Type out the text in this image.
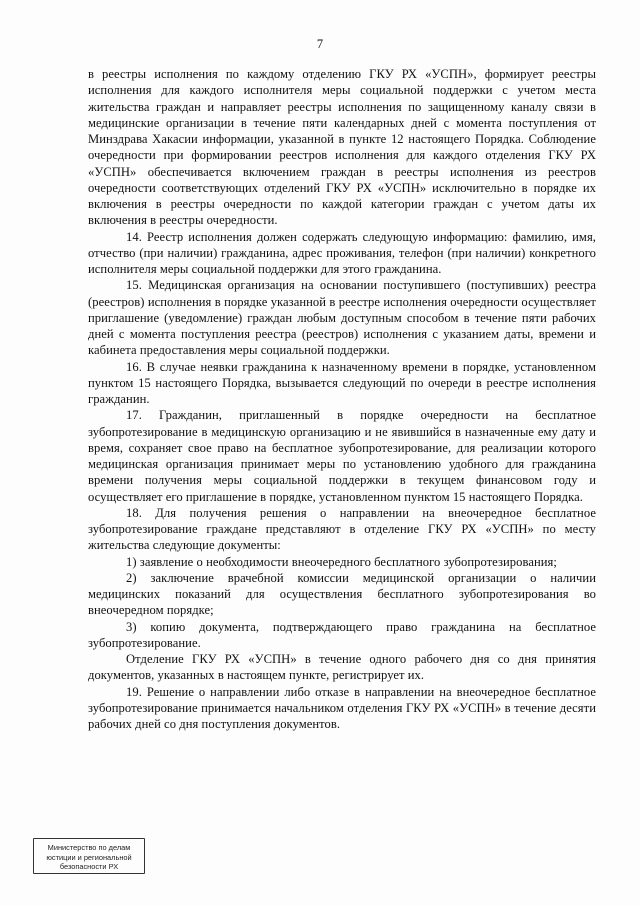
7

в реестры исполнения по каждому отделению ГКУ РХ «УСПН», формирует реестры исполнения для каждого исполнителя меры социальной поддержки с учетом места жительства граждан и направляет реестры исполнения по защищенному каналу связи в медицинские организации в течение пяти календарных дней с момента поступления от Минздрава Хакасии информации, указанной в пункте 12 настоящего Порядка. Соблюдение очередности при формировании реестров исполнения для каждого отделения ГКУ РХ «УСПН» обеспечивается включением граждан в реестры исполнения из реестров очередности соответствующих отделений ГКУ РХ «УСПН» исключительно в порядке их включения в реестры очередности по каждой категории граждан с учетом даты их включения в реестры очередности.

14. Реестр исполнения должен содержать следующую информацию: фамилию, имя, отчество (при наличии) гражданина, адрес проживания, телефон (при наличии) конкретного исполнителя меры социальной поддержки для этого гражданина.

15. Медицинская организация на основании поступившего (поступивших) реестра (реестров) исполнения в порядке указанной в реестре исполнения очередности осуществляет приглашение (уведомление) граждан любым доступным способом в течение пяти рабочих дней с момента поступления реестра (реестров) исполнения с указанием даты, времени и кабинета предоставления меры социальной поддержки.

16. В случае неявки гражданина к назначенному времени в порядке, установленном пунктом 15 настоящего Порядка, вызывается следующий по очереди в реестре исполнения гражданин.

17. Гражданин, приглашенный в порядке очередности на бесплатное зубопротезирование в медицинскую организацию и не явившийся в назначенные ему дату и время, сохраняет свое право на бесплатное зубопротезирование, для реализации которого медицинская организация принимает меры по установлению удобного для гражданина времени получения меры социальной поддержки в текущем финансовом году и осуществляет его приглашение в порядке, установленном пунктом 15 настоящего Порядка.

18. Для получения решения о направлении на внеочередное бесплатное зубопротезирование граждане представляют в отделение ГКУ РХ «УСПН» по месту жительства следующие документы:

1) заявление о необходимости внеочередного бесплатного зубопротезирования;

2) заключение врачебной комиссии медицинской организации о наличии медицинских показаний для осуществления бесплатного зубопротезирования во внеочередном порядке;

3) копию документа, подтверждающего право гражданина на бесплатное зубопротезирование.

Отделение ГКУ РХ «УСПН» в течение одного рабочего дня со дня принятия документов, указанных в настоящем пункте, регистрирует их.

19. Решение о направлении либо отказе в направлении на внеочередное бесплатное зубопротезирование принимается начальником отделения ГКУ РХ «УСПН» в течение десяти рабочих дней со дня поступления документов.

Министерство по делам
юстиции и региональной
безопасности РХ
